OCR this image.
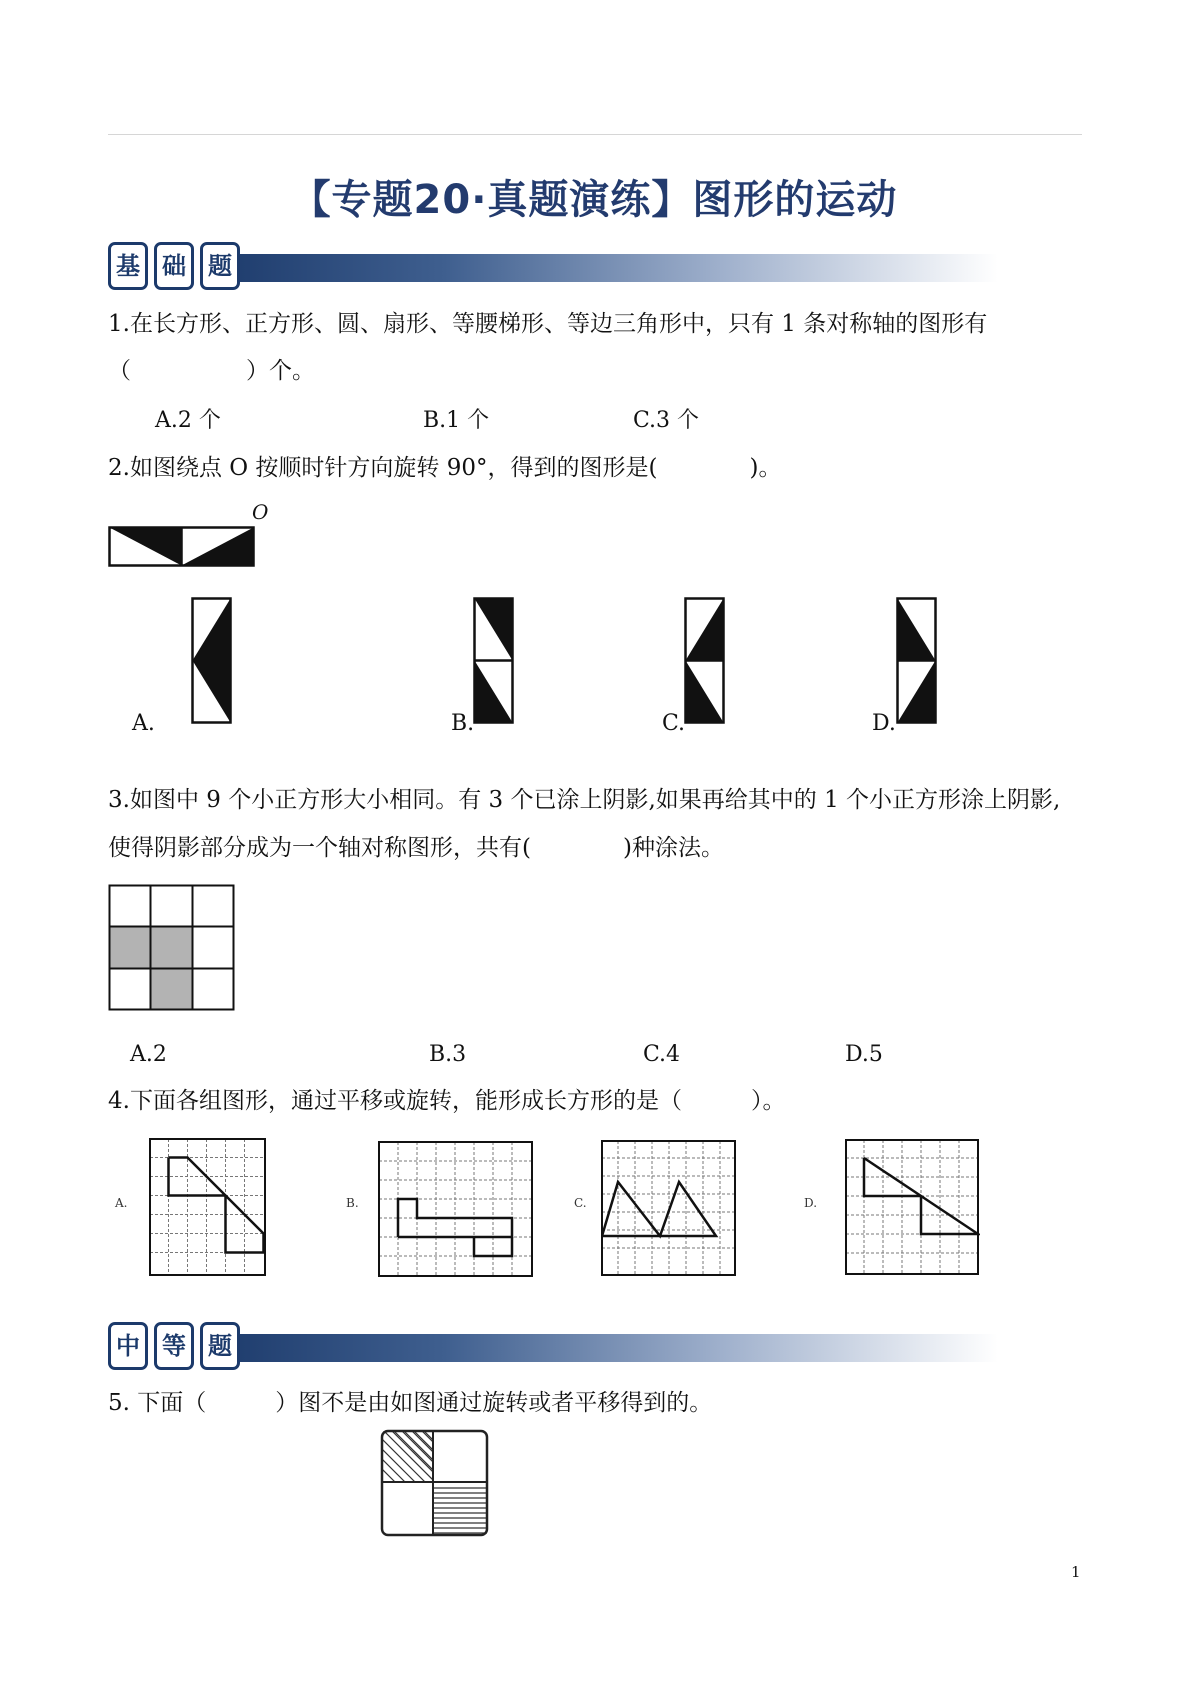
【专题20·真题演练】图形的运动
基 础 题
1.在长方形、正方形、圆、扇形、等腰梯形、等边三角形中，只有 1 条对称轴的图形有
（　　　　　）个。
A.2 个	B.1 个	C.3 个
2.如图绕点 O 按顺时针方向旋转 90°，得到的图形是(　　　　)。
O
A.	B.	C.	D.
3.如图中 9 个小正方形大小相同。有 3 个已涂上阴影,如果再给其中的 1 个小正方形涂上阴影,
使得阴影部分成为一个轴对称图形，共有(　　　　)种涂法。
A.2	B.3	C.4	D.5
4.下面各组图形，通过平移或旋转，能形成长方形的是（　　　）。
A.	B.	C.	D.
中 等 题
5. 下面（　　　）图不是由如图通过旋转或者平移得到的。
1
